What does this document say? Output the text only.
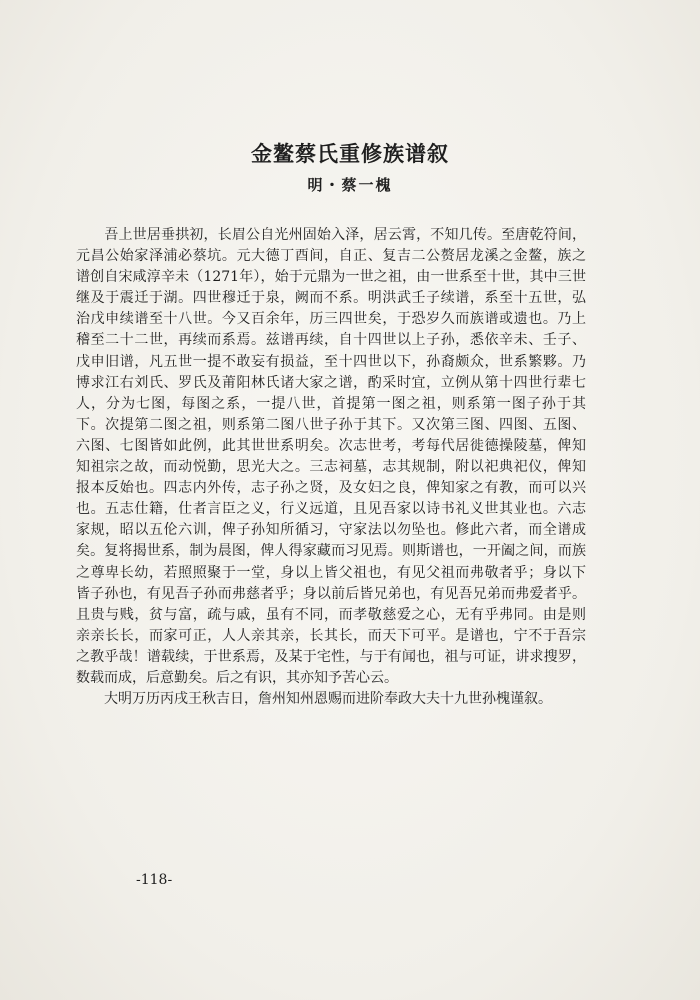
金鳌蔡氏重修族谱叙
明・蔡一槐
　　吾上世居垂拱初，长眉公自光州固始入泽，居云霄，不知几传。至唐乾符间，
元昌公始家泽浦必蔡坑。元大德丁酉间，自正、复吉二公赘居龙溪之金鳌，族之
谱创自宋咸淳辛未（1271年），始于元鼎为一世之祖，由一世系至十世，其中三世
继及于震迁于湖。四世穆迁于泉，阙而不系。明洪武壬子续谱，系至十五世，弘
治戊申续谱至十八世。今又百余年，历三四世矣，于恐岁久而族谱或遗也。乃上
稽至二十二世，再续而系焉。兹谱再续，自十四世以上子孙，悉依辛未、壬子、
戊申旧谱，凡五世一提不敢妄有损益，至十四世以下，孙裔颇众，世系繁夥。乃
博求江右刘氏、罗氏及莆阳林氏诸大家之谱，酌采时宜，立例从第十四世行辈七
人，分为七图，每图之系，一提八世，首提第一图之祖，则系第一图子孙于其
下。次提第二图之祖，则系第二图八世子孙于其下。又次第三图、四图、五图、
六图、七图皆如此例，此其世世系明矣。次志世考，考每代居徙德操陵墓，俾知
知祖宗之故，而动悦勤，思光大之。三志祠墓，志其规制，附以祀典祀仪，俾知
报本反始也。四志内外传，志子孙之贤，及女妇之良，俾知家之有教，而可以兴
也。五志仕籍，仕者言臣之义，行义远道，且见吾家以诗书礼义世其业也。六志
家规，昭以五伦六训，俾子孙知所循习，守家法以勿坠也。修此六者，而全谱成
矣。复将揭世系，制为晨图，俾人得家藏而习见焉。则斯谱也，一开阖之间，而族
之尊卑长幼，若照照聚于一堂，身以上皆父祖也，有见父祖而弗敬者乎；身以下
皆子孙也，有见吾子孙而弗慈者乎；身以前后皆兄弟也，有见吾兄弟而弗爱者乎。
且贵与贱，贫与富，疏与戚，虽有不同，而孝敬慈爱之心，无有乎弗同。由是则
亲亲长长，而家可正，人人亲其亲，长其长，而天下可平。是谱也，宁不于吾宗
之教乎哉！谱载续，于世系焉，及某于宅性，与于有闻也，祖与可证，讲求搜罗，
数载而成，后意勤矣。后之有识，其亦知予苦心云。
　　大明万历丙戌王秋吉日，詹州知州恩赐而进阶奉政大夫十九世孙槐谨叙。
-118-
